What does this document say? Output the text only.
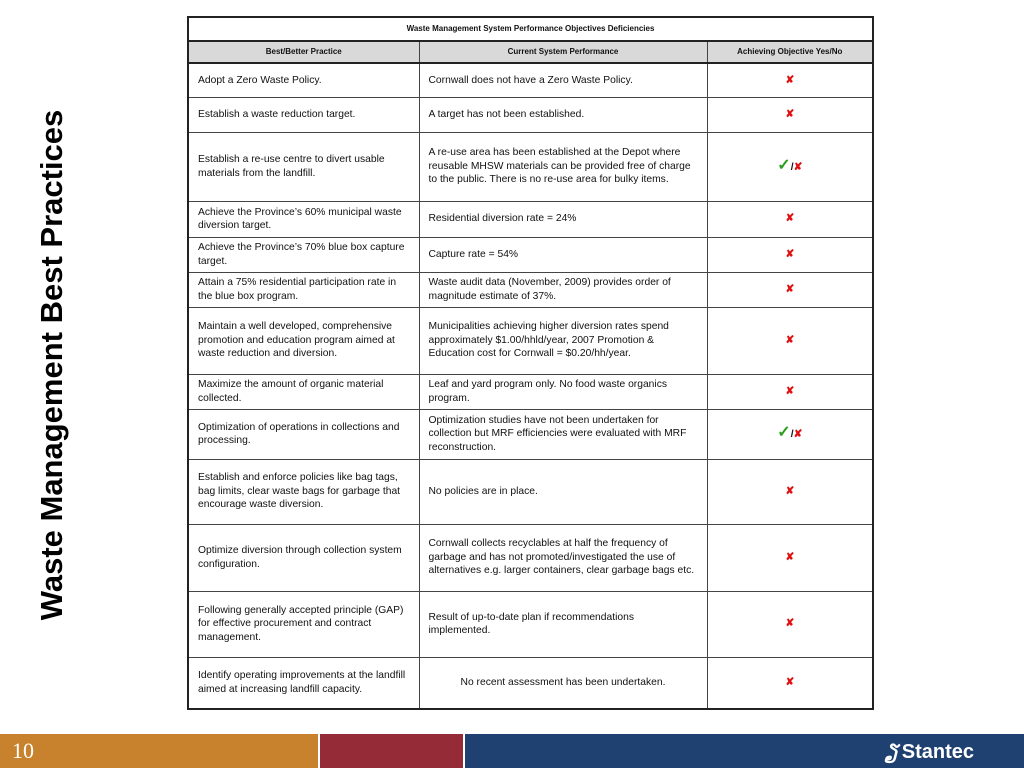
Waste Management Best Practices
Waste Management System Performance Objectives Deficiencies		
Best/Better Practice	Current System Performance	Achieving Objective Yes/No
Adopt a Zero Waste Policy.	Cornwall does not have a Zero Waste Policy.	✘
Establish a waste reduction target.	A target has not been established.	✘
Establish a re-use centre to divert usable materials from the landfill.	A re-use area has been established at the Depot where reusable MHSW materials can be provided free of charge to the public. There is no re-use area for bulky items.	✓/✘
Achieve the Province’s 60% municipal waste diversion target.	Residential diversion rate = 24%	✘
Achieve the Province’s 70% blue box capture target.	Capture rate = 54%	✘
Attain a 75% residential participation rate in the blue box program.	Waste audit data (November, 2009) provides order of magnitude estimate of 37%.	✘
Maintain a well developed, comprehensive promotion and education program aimed at waste reduction and diversion.	Municipalities achieving higher diversion rates spend approximately $1.00/hhld/year, 2007 Promotion & Education cost for Cornwall = $0.20/hh/year.	✘
Maximize the amount of organic material collected.	Leaf and yard program only. No food waste organics program.	✘
Optimization of operations in collections and processing.	Optimization studies have not been undertaken for collection but MRF efficiencies were evaluated with MRF reconstruction.	✓/✘
Establish and enforce policies like bag tags, bag limits, clear waste bags for garbage that encourage waste diversion.	No policies are in place.	✘
Optimize diversion through collection system configuration.	Cornwall collects recyclables at half the frequency of garbage and has not promoted/investigated the use of alternatives e.g. larger containers, clear garbage bags etc.	✘
Following generally accepted principle (GAP) for effective procurement and contract management.	Result of up-to-date plan if recommendations implemented.	✘
Identify operating improvements at the landfill aimed at increasing landfill capacity.	No recent assessment has been undertaken.	✘
10	ຽ Stantec
